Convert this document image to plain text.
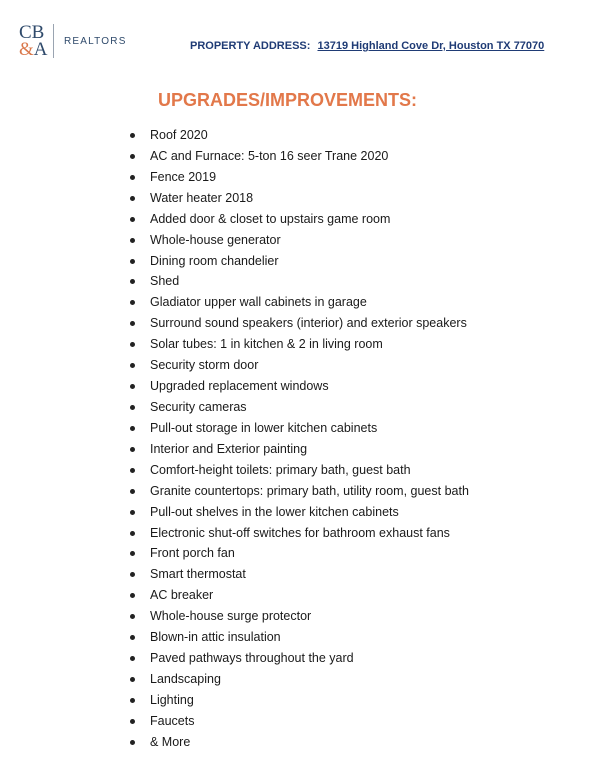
CB
&A REALTORS	PROPERTY ADDRESS: 13719 Highland Cove Dr, Houston TX 77070
UPGRADES/IMPROVEMENTS:
Roof 2020
AC and Furnace: 5-ton 16 seer Trane 2020
Fence 2019
Water heater 2018
Added door & closet to upstairs game room
Whole-house generator
Dining room chandelier
Shed
Gladiator upper wall cabinets in garage
Surround sound speakers (interior) and exterior speakers
Solar tubes: 1 in kitchen & 2 in living room
Security storm door
Upgraded replacement windows
Security cameras
Pull-out storage in lower kitchen cabinets
Interior and Exterior painting
Comfort-height toilets: primary bath, guest bath
Granite countertops: primary bath, utility room, guest bath
Pull-out shelves in the lower kitchen cabinets
Electronic shut-off switches for bathroom exhaust fans
Front porch fan
Smart thermostat
AC breaker
Whole-house surge protector
Blown-in attic insulation
Paved pathways throughout the yard
Landscaping
Lighting
Faucets
& More
